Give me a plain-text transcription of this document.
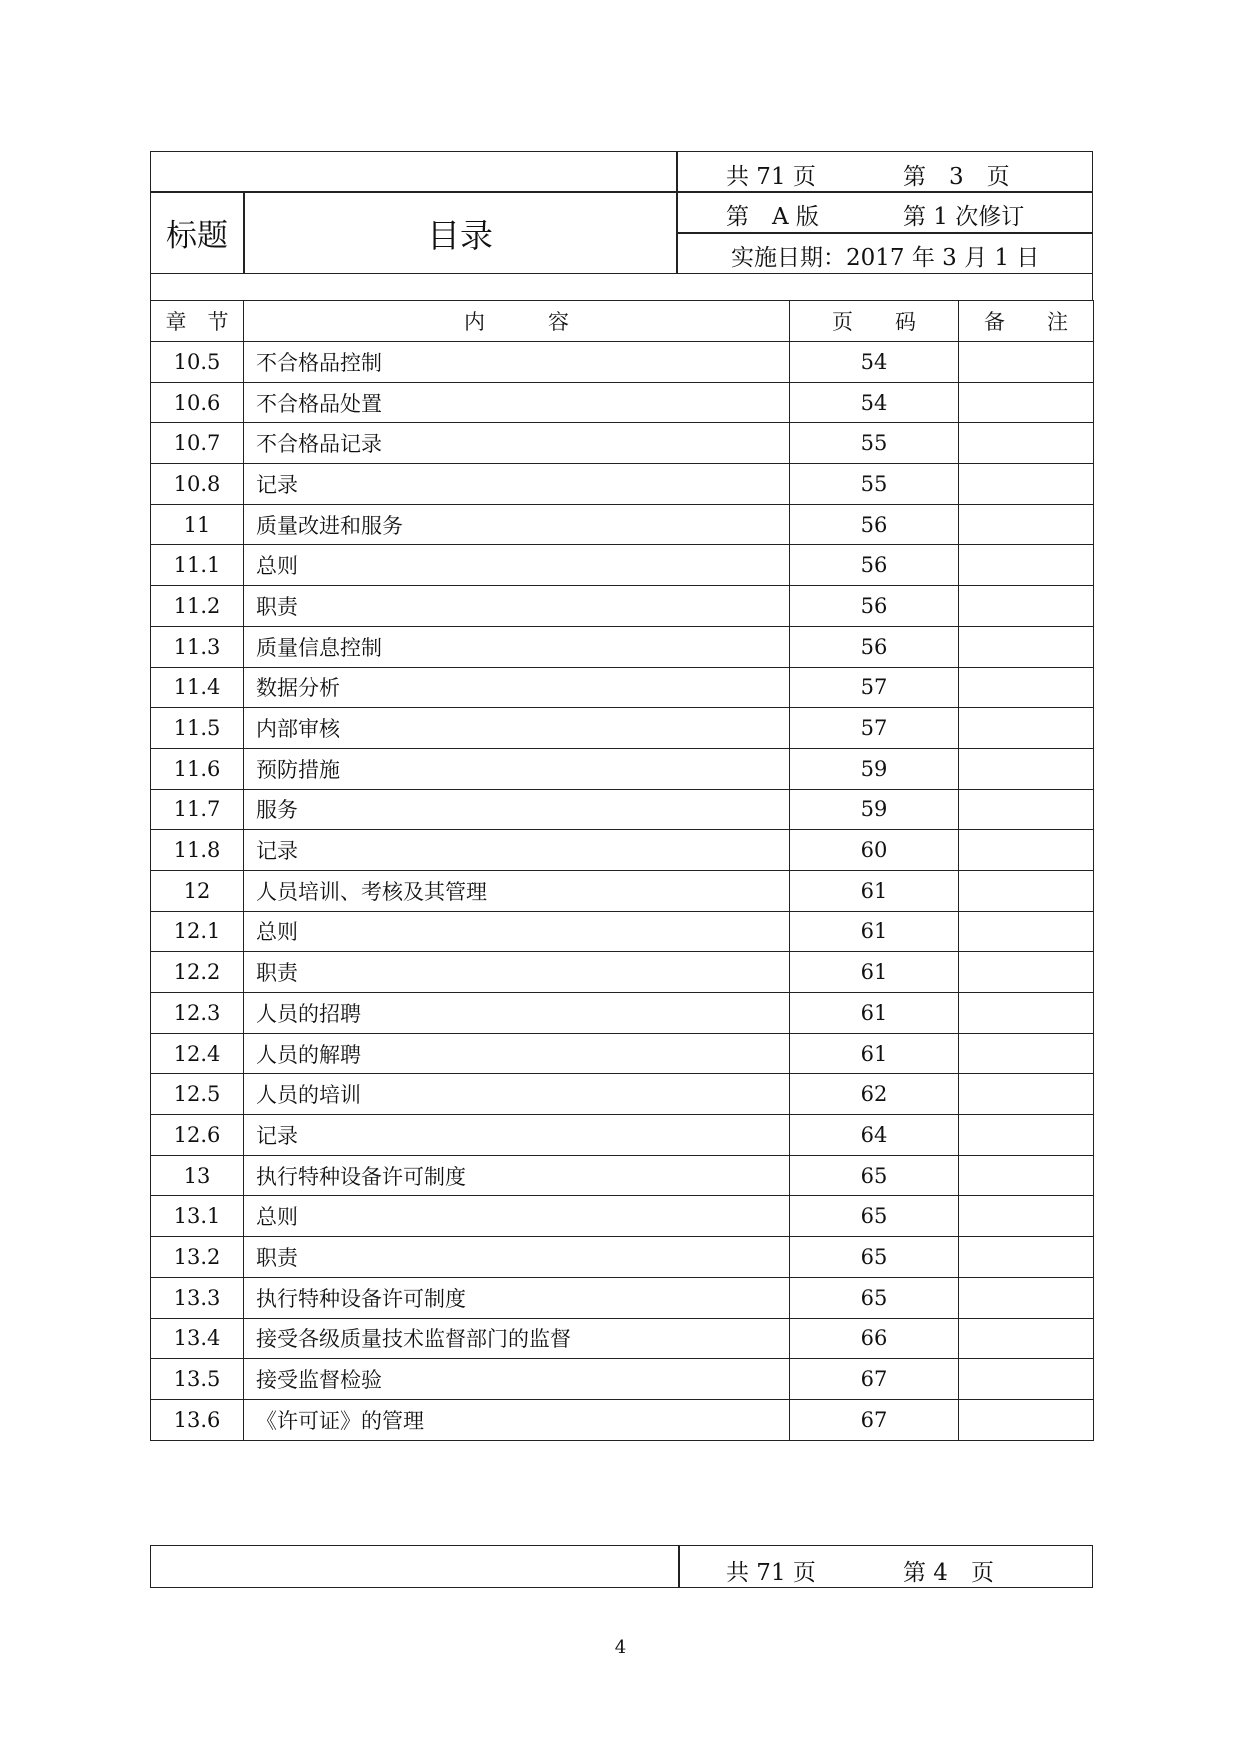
标题	目录
共 71 页	第　3　页
第　A 版	第 1 次修订
实施日期：2017 年 3 月 1 日
章　节	内　　　容	页　　码	备　　注
10.5	不合格品控制	54	
10.6	不合格品处置	54	
10.7	不合格品记录	55	
10.8	记录	55	
11	质量改进和服务	56	
11.1	总则	56	
11.2	职责	56	
11.3	质量信息控制	56	
11.4	数据分析	57	
11.5	内部审核	57	
11.6	预防措施	59	
11.7	服务	59	
11.8	记录	60	
12	人员培训、考核及其管理	61	
12.1	总则	61	
12.2	职责	61	
12.3	人员的招聘	61	
12.4	人员的解聘	61	
12.5	人员的培训	62	
12.6	记录	64	
13	执行特种设备许可制度	65	
13.1	总则	65	
13.2	职责	65	
13.3	执行特种设备许可制度	65	
13.4	接受各级质量技术监督部门的监督	66	
13.5	接受监督检验	67	
13.6	《许可证》的管理	67	
共 71 页	第 4　页
4
